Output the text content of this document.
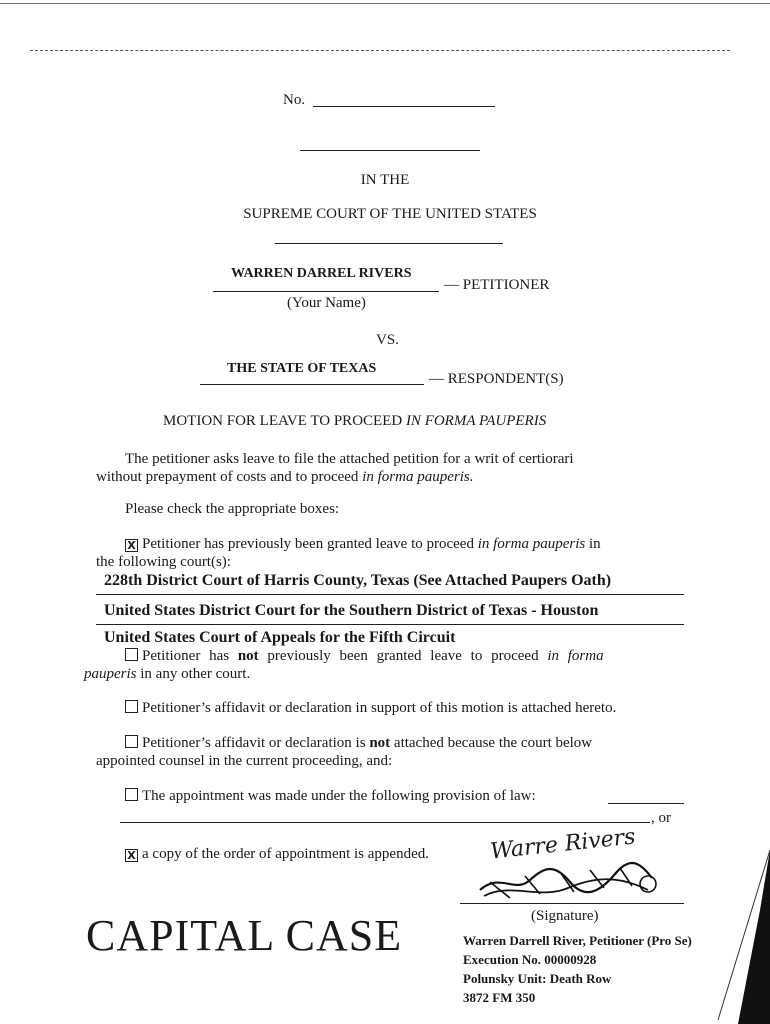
No.
IN THE
SUPREME COURT OF THE UNITED STATES
WARREN DARREL RIVERS
— PETITIONER
(Your Name)
VS.
THE STATE OF TEXAS
— RESPONDENT(S)
MOTION FOR LEAVE TO PROCEED IN FORMA PAUPERIS
The petitioner asks leave to file the attached petition for a writ of certiorari
without prepayment of costs and to proceed in forma pauperis.
Please check the appropriate boxes:
X Petitioner has previously been granted leave to proceed in forma pauperis in
the following court(s):
228th District Court of Harris County, Texas (See Attached Paupers Oath)
United States District Court for the Southern District of Texas - Houston
United States Court of Appeals for the Fifth Circuit
Petitioner has not previously been granted leave to proceed in forma
pauperis in any other court.
Petitioner’s affidavit or declaration in support of this motion is attached hereto.
Petitioner’s affidavit or declaration is not attached because the court below
appointed counsel in the current proceeding, and:
The appointment was made under the following provision of law:
, or
X a copy of the order of appointment is appended.	Warre Rivers
(Signature)
Warren Darrell River, Petitioner (Pro Se)
Execution No. 00000928
Polunsky Unit: Death Row
3872 FM 350
CAPITAL CASE
